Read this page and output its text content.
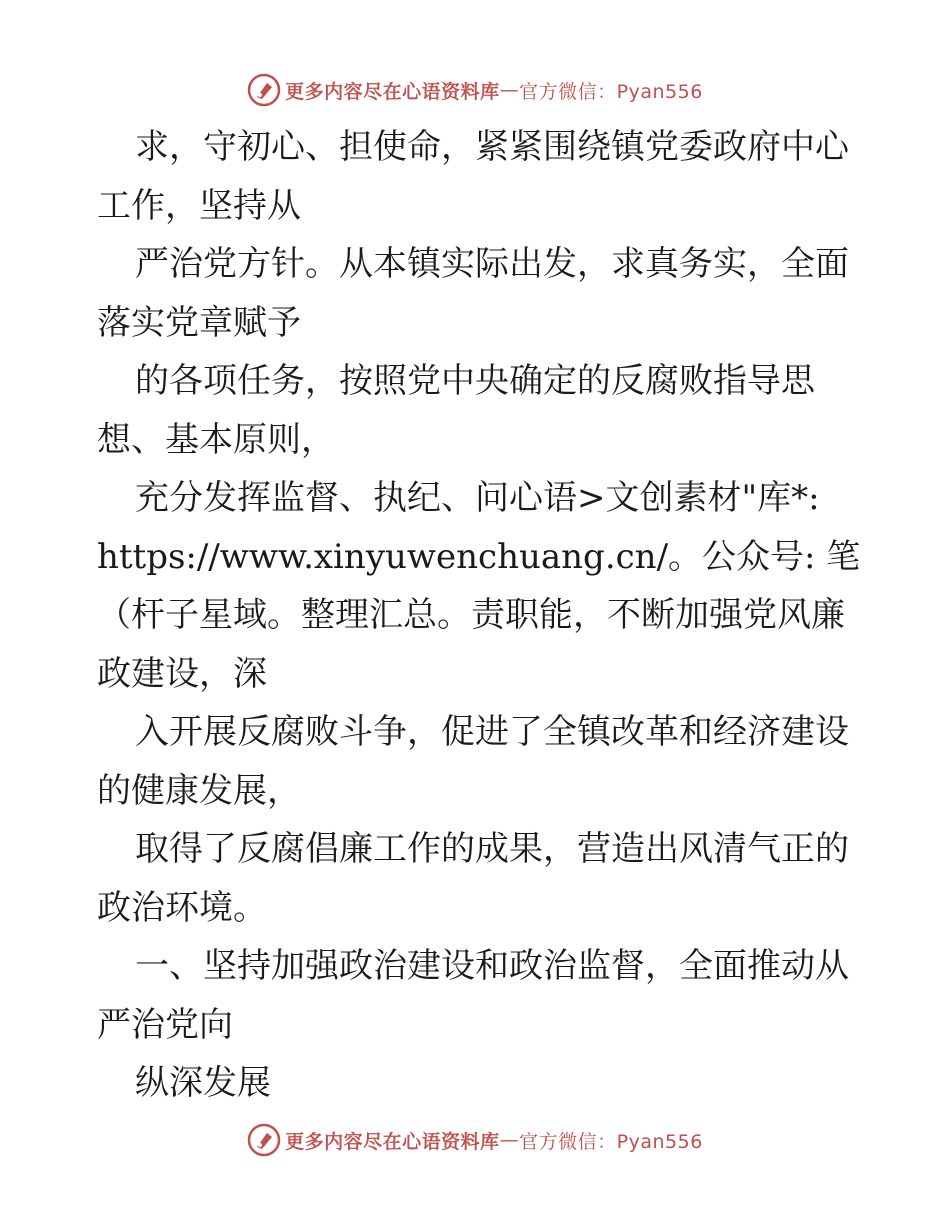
更多内容尽在心语资料库 — 官方微信：Pyan556
求，守初心、担使命，紧紧围绕镇党委政府中心
工作，坚持从
严治党方针。从本镇实际出发，求真务实，全面
落实党章赋予
的各项任务，按照党中央确定的反腐败指导思
想、基本原则，
充分发挥监督、执纪、问心语>文创素材"库*:
https://www.xinyuwenchuang.cn/。公众号: 笔
（杆子星域。整理汇总。责职能，不断加强党风廉
政建设，深
入开展反腐败斗争，促进了全镇改革和经济建设
的健康发展，
取得了反腐倡廉工作的成果，营造出风清气正的
政治环境。
一、坚持加强政治建设和政治监督，全面推动从
严治党向
纵深发展
更多内容尽在心语资料库 — 官方微信：Pyan556
